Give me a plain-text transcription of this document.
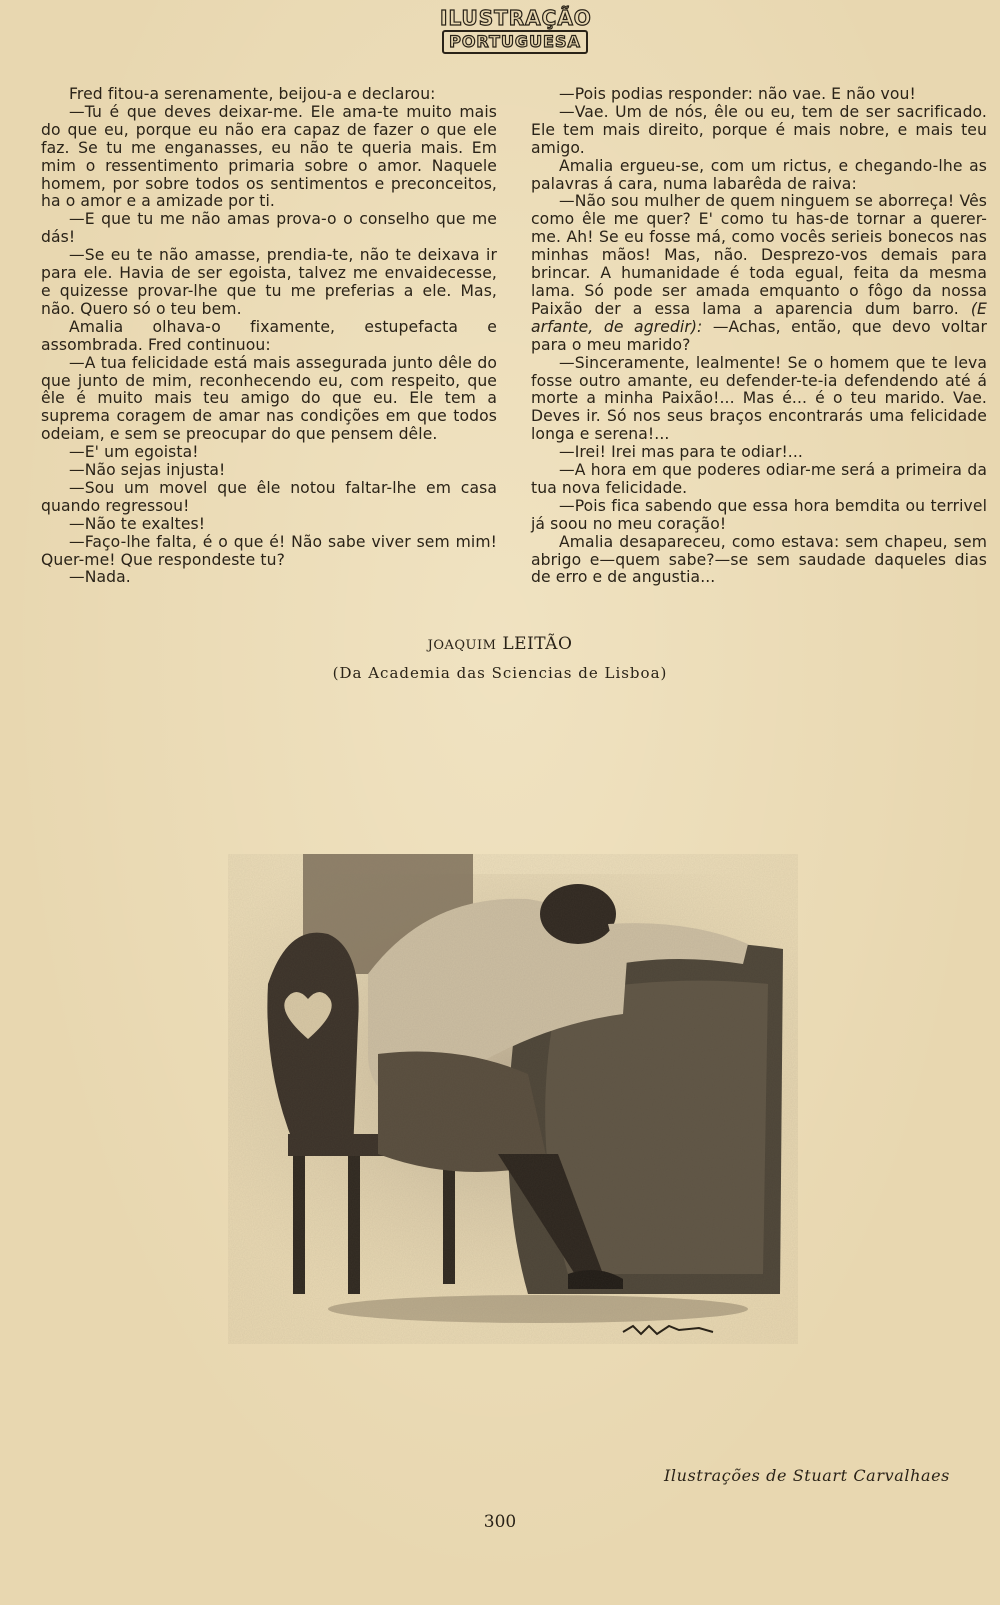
ILUSTRAÇÃO
PORTUGUESA

Fred fitou-a serenamente, beijou-a e declarou:

—Tu é que deves deixar-me. Ele ama-te muito mais do que eu, porque eu não era capaz de fazer o que ele faz. Se tu me enganasses, eu não te queria mais. Em mim o ressentimento primaria sobre o amor. Naquele homem, por sobre todos os sentimentos e preconceitos, ha o amor e a amizade por ti.

—E que tu me não amas prova-o o conselho que me dás!

—Se eu te não amasse, prendia-te, não te deixava ir para ele. Havia de ser egoista, talvez me envaidecesse, e quizesse provar-lhe que tu me preferias a ele. Mas, não. Quero só o teu bem.

Amalia olhava-o fixamente, estupefacta e assombrada. Fred continuou:

—A tua felicidade está mais assegurada junto dêle do que junto de mim, reconhecendo eu, com respeito, que êle é muito mais teu amigo do que eu. Ele tem a suprema coragem de amar nas condições em que todos odeiam, e sem se preocupar do que pensem dêle.

—E' um egoista!

—Não sejas injusta!

—Sou um movel que êle notou faltar-lhe em casa quando regressou!

—Não te exaltes!

—Faço-lhe falta, é o que é! Não sabe viver sem mim! Quer-me! Que respondeste tu?

—Nada.

—Pois podias responder: não vae. E não vou!

—Vae. Um de nós, êle ou eu, tem de ser sacrificado. Ele tem mais direito, porque é mais nobre, e mais teu amigo.

Amalia ergueu-se, com um rictus, e chegando-lhe as palavras á cara, numa labarêda de raiva:

—Não sou mulher de quem ninguem se aborreça! Vês como êle me quer? E' como tu has-de tornar a querer-me. Ah! Se eu fosse má, como vocês serieis bonecos nas minhas mãos! Mas, não. Desprezo-vos demais para brincar. A humanidade é toda egual, feita da mesma lama. Só pode ser amada emquanto o fôgo da nossa Paixão der a essa lama a aparencia dum barro. (E arfante, de agredir): —Achas, então, que devo voltar para o meu marido?

—Sinceramente, lealmente! Se o homem que te leva fosse outro amante, eu defender-te-ia defendendo até á morte a minha Paixão!... Mas é... é o teu marido. Vae. Deves ir. Só nos seus braços encontrarás uma felicidade longa e serena!...

—Irei! Irei mas para te odiar!...

—A hora em que poderes odiar-me será a primeira da tua nova felicidade.

—Pois fica sabendo que essa hora bemdita ou terrivel já soou no meu coração!

Amalia desapareceu, como estava: sem chapeu, sem abrigo e—quem sabe?—se sem saudade daqueles dias de erro e de angustia...

JOAQUIM LEITÃO
(Da Academia das Sciencias de Lisboa)
Ilustrações de Stuart Carvalhaes
300
